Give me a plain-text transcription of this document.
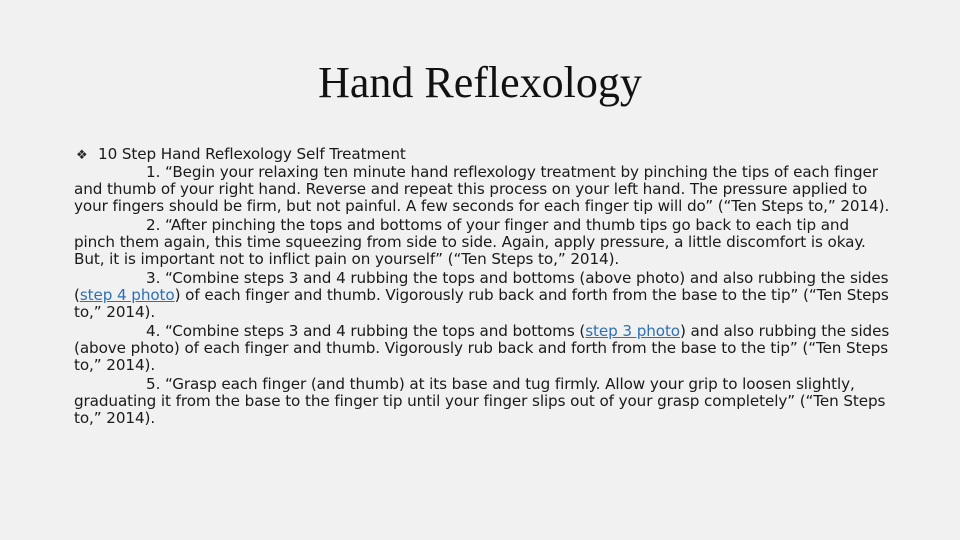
Hand Reflexology
❖ 10 Step Hand Reflexology Self Treatment

1. “Begin your relaxing ten minute hand reflexology treatment by pinching the tips of each finger and thumb of your right hand. Reverse and repeat this process on your left hand. The pressure applied to your fingers should be firm, but not painful. A few seconds for each finger tip will do” (“Ten Steps to,” 2014).

2. “After pinching the tops and bottoms of your finger and thumb tips go back to each tip and pinch them again, this time squeezing from side to side. Again, apply pressure, a little discomfort is okay. But, it is important not to inflict pain on yourself” (“Ten Steps to,” 2014).

3. “Combine steps 3 and 4 rubbing the tops and bottoms (above photo) and also rubbing the sides (step 4 photo) of each finger and thumb. Vigorously rub back and forth from the base to the tip” (“Ten Steps to,” 2014).

4. “Combine steps 3 and 4 rubbing the tops and bottoms (step 3 photo) and also rubbing the sides (above photo) of each finger and thumb. Vigorously rub back and forth from the base to the tip” (“Ten Steps to,” 2014).

5. “Grasp each finger (and thumb) at its base and tug firmly. Allow your grip to loosen slightly, graduating it from the base to the finger tip until your finger slips out of your grasp completely” (“Ten Steps to,” 2014).
